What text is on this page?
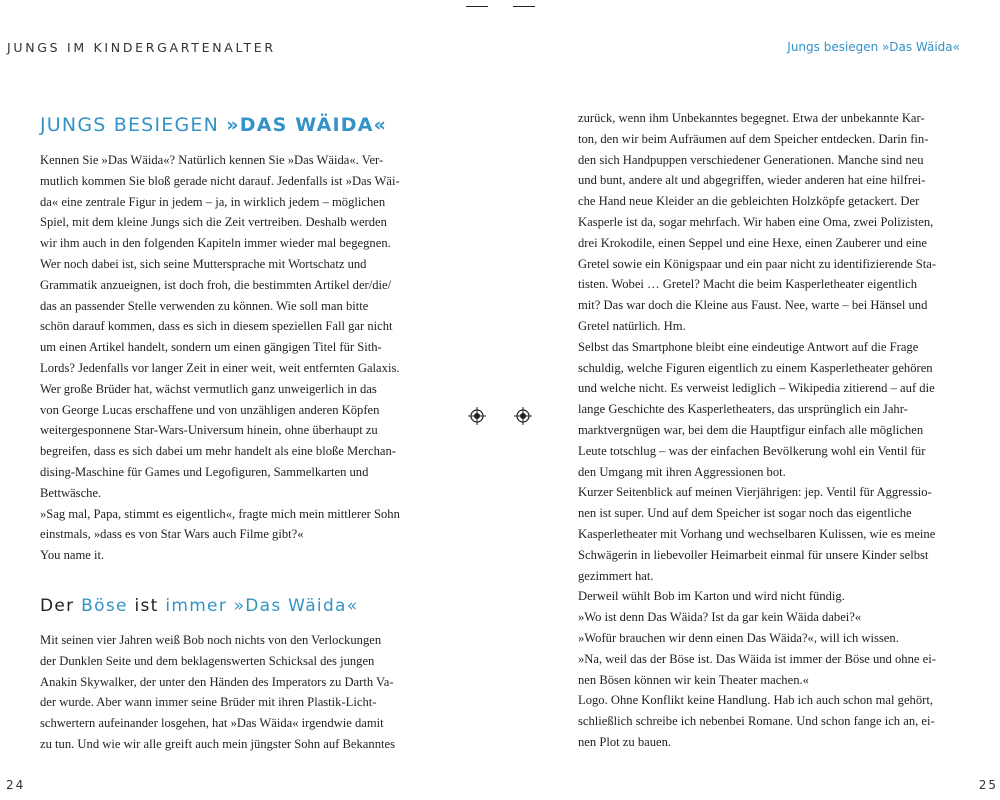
JUNGS IM KINDERGARTENALTER	Jungs besiegen »Das Wäida«
JUNGS BESIEGEN »DAS WÄIDA«
Kennen Sie »Das Wäida«? Natürlich kennen Sie »Das Wäida«. Ver-
mutlich kommen Sie bloß gerade nicht darauf. Jedenfalls ist »Das Wäi-
da« eine zentrale Figur in jedem – ja, in wirklich jedem – möglichen
Spiel, mit dem kleine Jungs sich die Zeit vertreiben. Deshalb werden
wir ihm auch in den folgenden Kapiteln immer wieder mal begegnen.
Wer noch dabei ist, sich seine Muttersprache mit Wortschatz und
Grammatik anzueignen, ist doch froh, die bestimmten Artikel der/die/
das an passender Stelle verwenden zu können. Wie soll man bitte
schön darauf kommen, dass es sich in diesem speziellen Fall gar nicht
um einen Artikel handelt, sondern um einen gängigen Titel für Sith-
Lords? Jedenfalls vor langer Zeit in einer weit, weit entfernten Galaxis.
Wer große Brüder hat, wächst vermutlich ganz unweigerlich in das
von George Lucas erschaffene und von unzähligen anderen Köpfen
weitergesponnene Star-Wars-Universum hinein, ohne überhaupt zu
begreifen, dass es sich dabei um mehr handelt als eine bloße Merchan-
dising-Maschine für Games und Legofiguren, Sammelkarten und
Bettwäsche.
»Sag mal, Papa, stimmt es eigentlich«, fragte mich mein mittlerer Sohn
einstmals, »dass es von Star Wars auch Filme gibt?«
You name it.
Der Böse ist immer »Das Wäida«
Mit seinen vier Jahren weiß Bob noch nichts von den Verlockungen
der Dunklen Seite und dem beklagenswerten Schicksal des jungen
Anakin Skywalker, der unter den Händen des Imperators zu Darth Va-
der wurde. Aber wann immer seine Brüder mit ihren Plastik-Licht-
schwertern aufeinander losgehen, hat »Das Wäida« irgendwie damit
zu tun. Und wie wir alle greift auch mein jüngster Sohn auf Bekanntes
zurück, wenn ihm Unbekanntes begegnet. Etwa der unbekannte Kar-
ton, den wir beim Aufräumen auf dem Speicher entdecken. Darin fin-
den sich Handpuppen verschiedener Generationen. Manche sind neu
und bunt, andere alt und abgegriffen, wieder anderen hat eine hilfrei-
che Hand neue Kleider an die gebleichten Holzköpfe getackert. Der
Kasperle ist da, sogar mehrfach. Wir haben eine Oma, zwei Polizisten,
drei Krokodile, einen Seppel und eine Hexe, einen Zauberer und eine
Gretel sowie ein Königspaar und ein paar nicht zu identifizierende Sta-
tisten. Wobei … Gretel? Macht die beim Kasperletheater eigentlich
mit? Das war doch die Kleine aus Faust. Nee, warte – bei Hänsel und
Gretel natürlich. Hm.
Selbst das Smartphone bleibt eine eindeutige Antwort auf die Frage
schuldig, welche Figuren eigentlich zu einem Kasperletheater gehören
und welche nicht. Es verweist lediglich – Wikipedia zitierend – auf die
lange Geschichte des Kasperletheaters, das ursprünglich ein Jahr-
marktvergnügen war, bei dem die Hauptfigur einfach alle möglichen
Leute totschlug – was der einfachen Bevölkerung wohl ein Ventil für
den Umgang mit ihren Aggressionen bot.
Kurzer Seitenblick auf meinen Vierjährigen: jep. Ventil für Aggressio-
nen ist super. Und auf dem Speicher ist sogar noch das eigentliche
Kasperletheater mit Vorhang und wechselbaren Kulissen, wie es meine
Schwägerin in liebevoller Heimarbeit einmal für unsere Kinder selbst
gezimmert hat.
Derweil wühlt Bob im Karton und wird nicht fündig.
»Wo ist denn Das Wäida? Ist da gar kein Wäida dabei?«
»Wofür brauchen wir denn einen Das Wäida?«, will ich wissen.
»Na, weil das der Böse ist. Das Wäida ist immer der Böse und ohne ei-
nen Bösen können wir kein Theater machen.«
Logo. Ohne Konflikt keine Handlung. Hab ich auch schon mal gehört,
schließlich schreibe ich nebenbei Romane. Und schon fange ich an, ei-
nen Plot zu bauen.
24	25
